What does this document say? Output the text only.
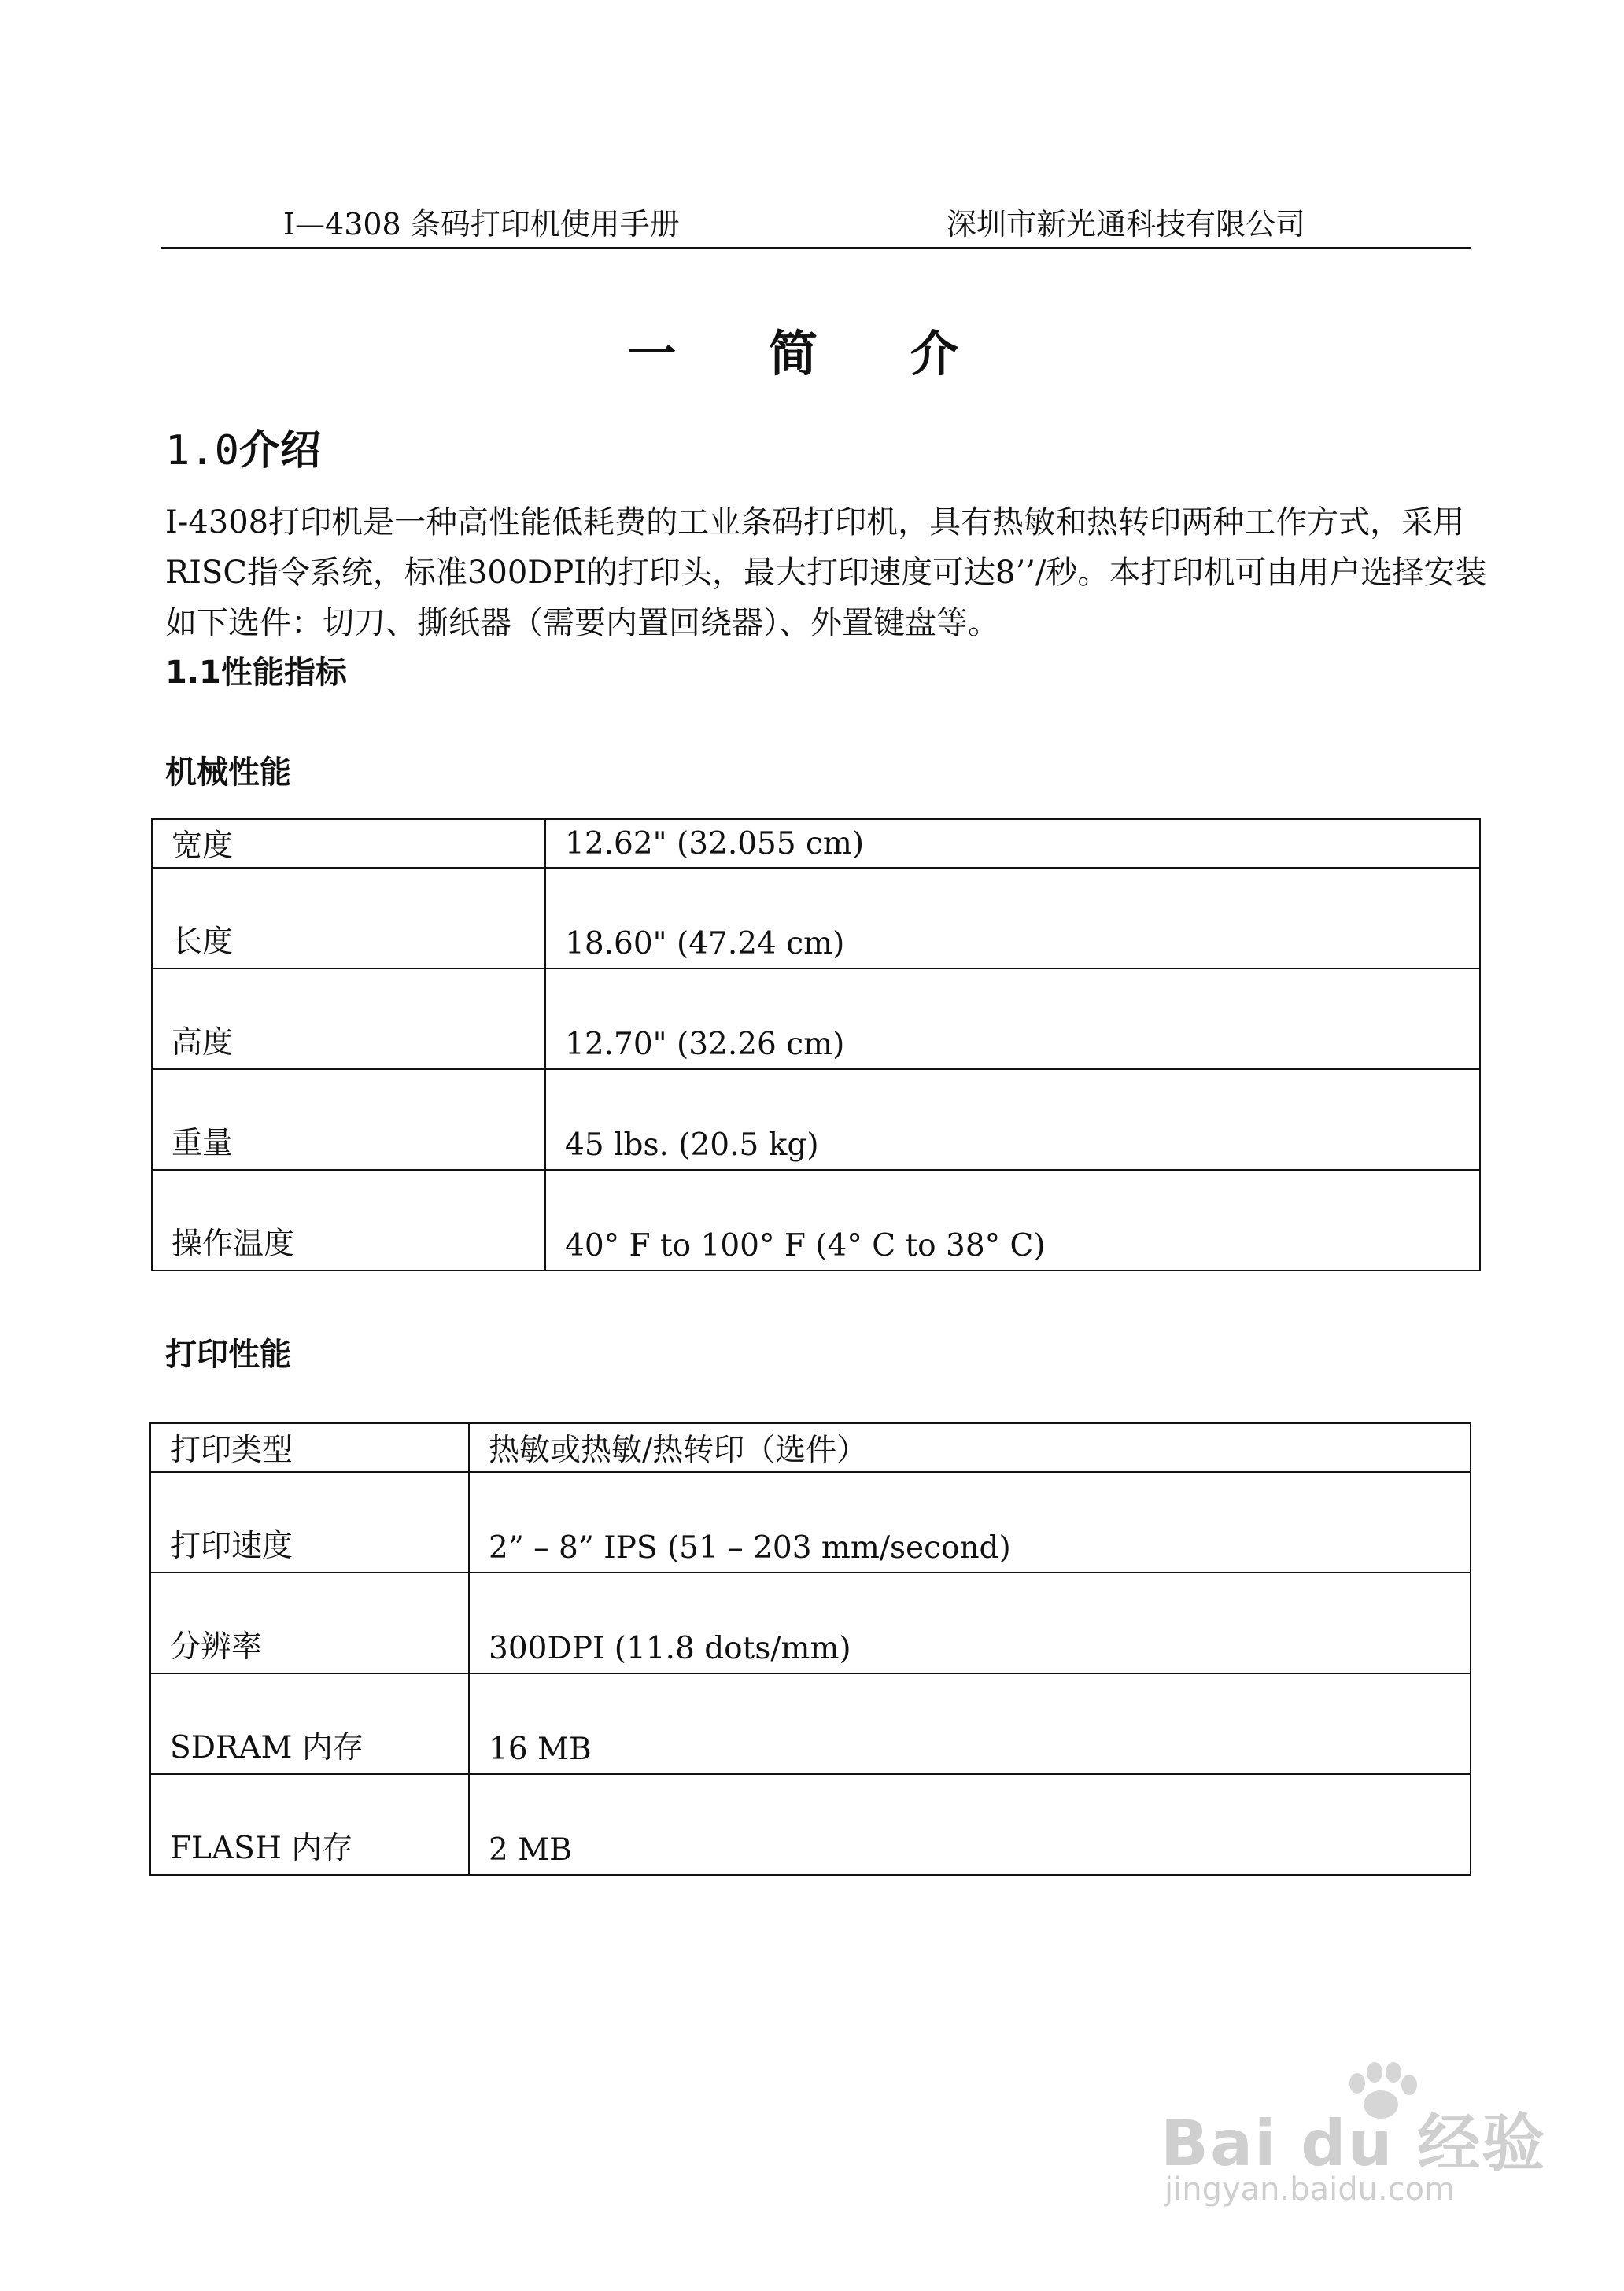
I—4308 条码打印机使用手册	深圳市新光通科技有限公司
一 简 介
1.0介绍
I-4308打印机是一种高性能低耗费的工业条码打印机，具有热敏和热转印两种工作方式，采用RISC指令系统，标准300DPI的打印头，最大打印速度可达8’’/秒。本打印机可由用户选择安装如下选件：切刀、撕纸器（需要内置回绕器）、外置键盘等。
1.1性能指标
机械性能
宽度	12.62" (32.055 cm)
长度	18.60" (47.24 cm)
高度	12.70" (32.26 cm)
重量	45 lbs. (20.5 kg)
操作温度	40° F to 100° F (4° C to 38° C)
打印性能
打印类型	热敏或热敏/热转印（选件）
打印速度	2” – 8” IPS (51 – 203 mm/second)
分辨率	300DPI (11.8 dots/mm)
SDRAM 内存	16 MB
FLASH 内存	2 MB
Bai du 经验
jingyan.baidu.com
